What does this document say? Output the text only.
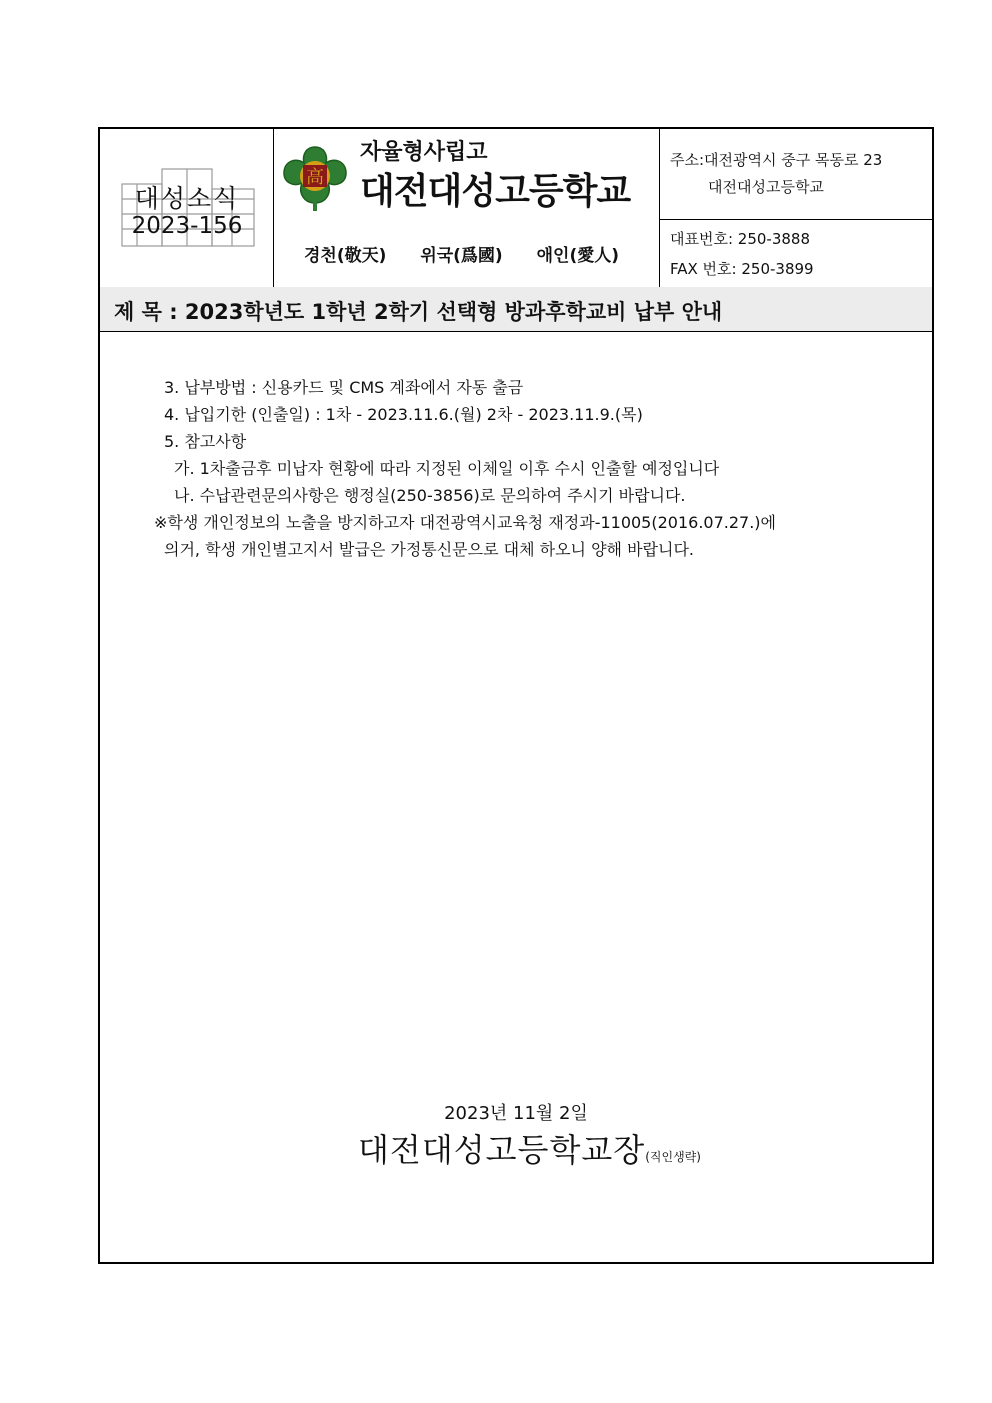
대성소식
2023-156
高
자율형사립고
대전대성고등학교
경천(敬天) 위국(爲國) 애인(愛人)
주소:대전광역시 중구 목동로 23
대전대성고등학교
대표번호: 250-3888
FAX 번호: 250-3899
제 목 : 2023학년도 1학년 2학기 선택형 방과후학교비 납부 안내
3. 납부방법 : 신용카드 및 CMS 계좌에서 자동 출금
4. 납입기한 (인출일) : 1차 - 2023.11.6.(월) 2차 - 2023.11.9.(목)
5. 참고사항
가. 1차출금후 미납자 현황에 따라 지정된 이체일 이후 수시 인출할 예정입니다
나. 수납관련문의사항은 행정실(250-3856)로 문의하여 주시기 바랍니다.
※학생 개인정보의 노출을 방지하고자 대전광역시교육청 재정과-11005(2016.07.27.)에
의거, 학생 개인별고지서 발급은 가정통신문으로 대체 하오니 양해 바랍니다.
2023년 11월 2일
대전대성고등학교장(직인생략)
